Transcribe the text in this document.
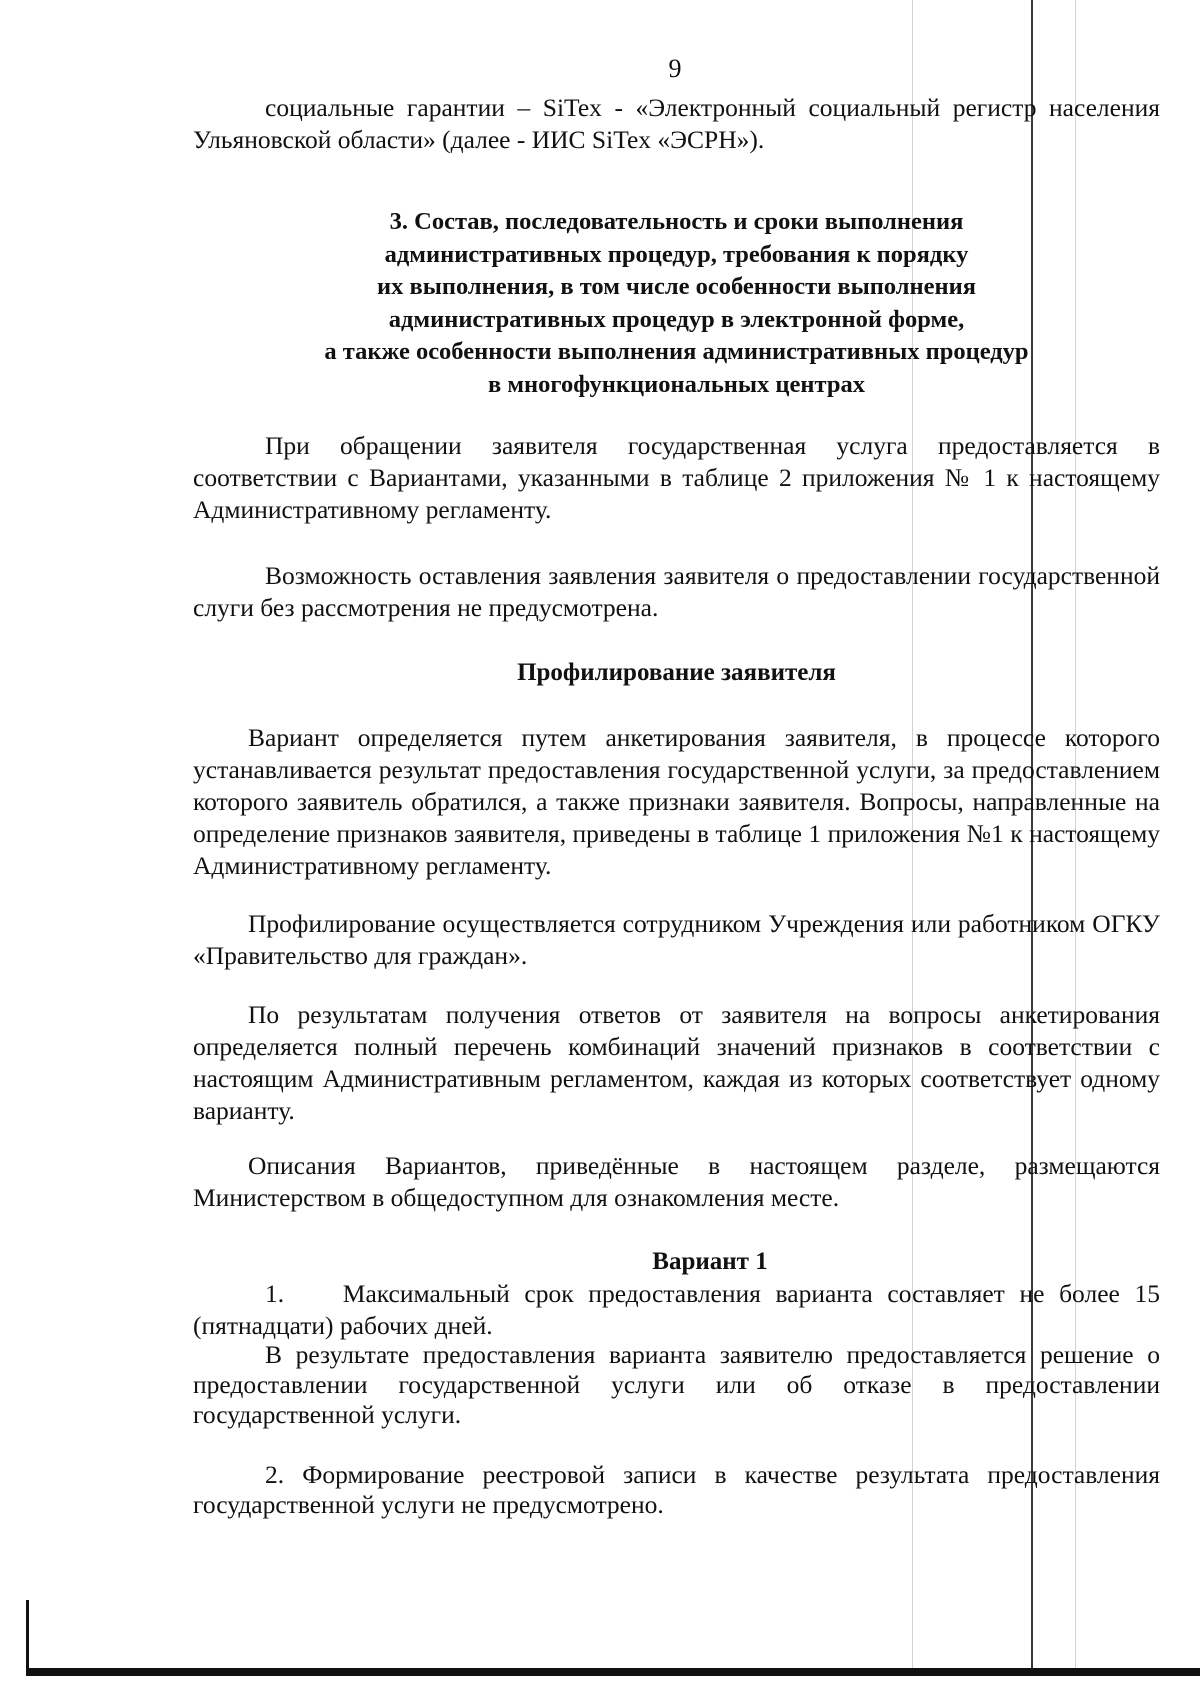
9

социальные гарантии – SiTex - «Электронный социальный регистр населения Ульяновской области» (далее - ИИС SiTex «ЭСРН»).

3. Состав, последовательность и сроки выполнения
административных процедур, требования к порядку
их выполнения, в том числе особенности выполнения
административных процедур в электронной форме,
а также особенности выполнения административных процедур
в многофункциональных центрах

При обращении заявителя государственная услуга предоставляется в соответствии с Вариантами, указанными в таблице 2 приложения № 1 к настоящему Административному регламенту.

Возможность оставления заявления заявителя о предоставлении государственной слуги без рассмотрения не предусмотрена.

Профилирование заявителя

Вариант определяется путем анкетирования заявителя, в процессе которого устанавливается результат предоставления государственной услуги, за предоставлением которого заявитель обратился, а также признаки заявителя. Вопросы, направленные на определение признаков заявителя, приведены в таблице 1 приложения №1 к настоящему Административному регламенту.

Профилирование осуществляется сотрудником Учреждения или работником ОГКУ «Правительство для граждан».

По результатам получения ответов от заявителя на вопросы анкетирования определяется полный перечень комбинаций значений признаков в соответствии с настоящим Административным регламентом, каждая из которых соответствует одному варианту.

Описания Вариантов, приведённые в настоящем разделе, размещаются Министерством в общедоступном для ознакомления месте.

Вариант 1

1.    Максимальный срок предоставления варианта составляет не более 15 (пятнадцати) рабочих дней.

В результате предоставления варианта заявителю предоставляется решение о предоставлении государственной услуги или об отказе в предоставлении государственной услуги.

2. Формирование реестровой записи в качестве результата предоставления государственной услуги не предусмотрено.
